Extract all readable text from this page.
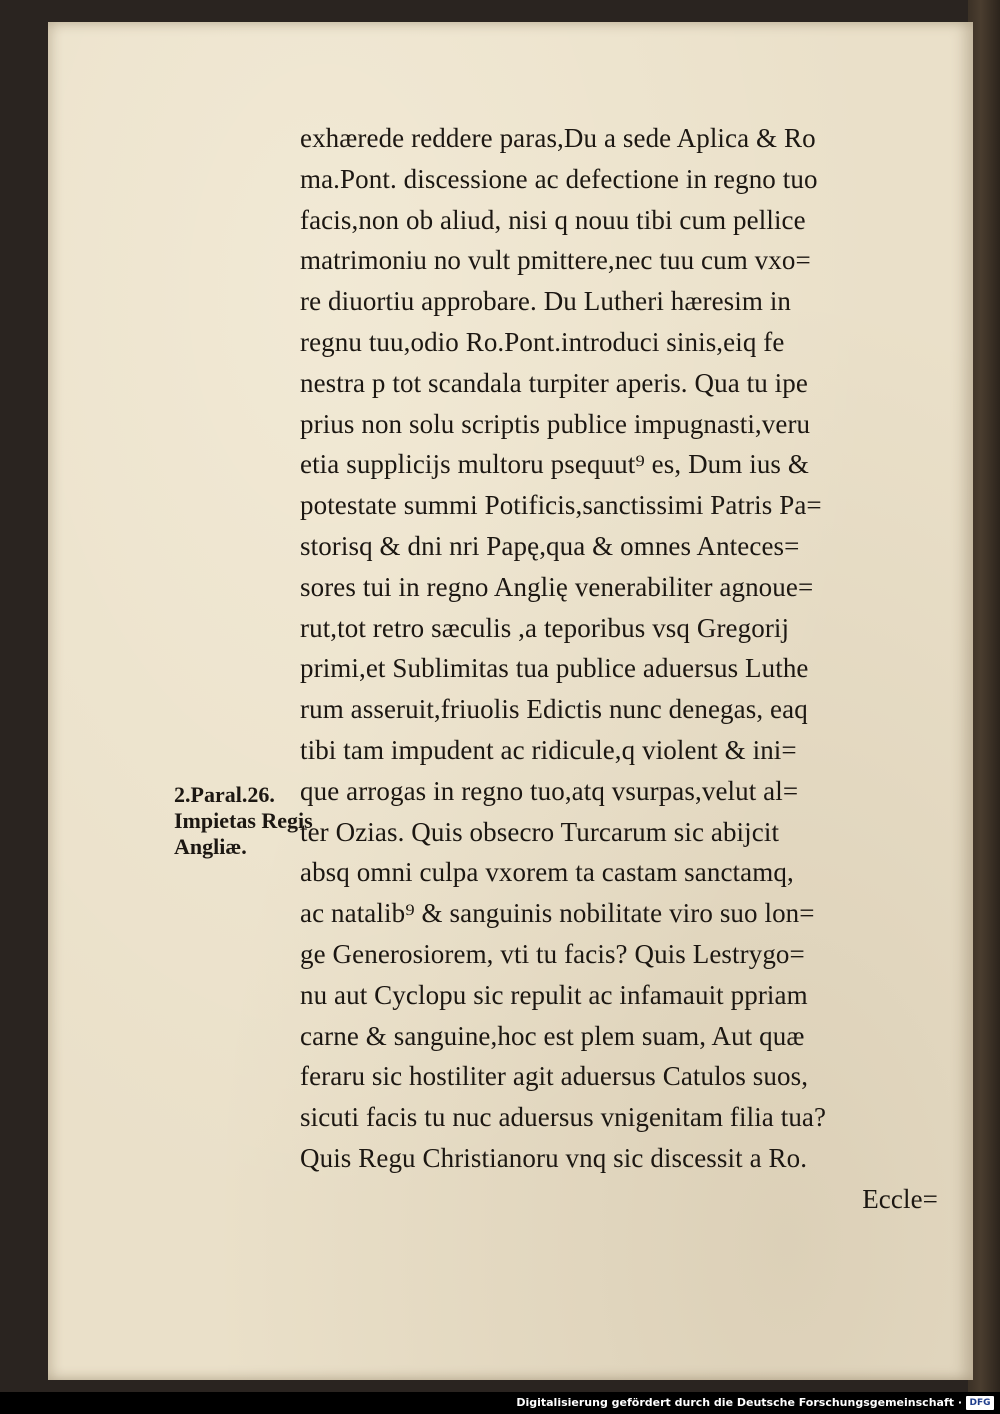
2.Paral.26.
Impietas Regis
Angliæ.
exhærede reddere paras,Du a sede Aplica & Ro
ma.Pont. discessione ac defectione in regno tuo
facis,non ob aliud, nisi q nouu tibi cum pellice
matrimoniu no vult pmittere,nec tuu cum vxo=
re diuortiu approbare. Du Lutheri hæresim in
regnu tuu,odio Ro.Pont.introduci sinis,eiq fe
nestra p tot scandala turpiter aperis. Qua tu ipe
prius non solu scriptis publice impugnasti,veru
etia supplicijs multoru psequut⁹ es, Dum ius &
potestate summi Potificis,sanctissimi Patris Pa=
storisq & dni nri Papę,qua & omnes Anteces=
sores tui in regno Anglię venerabiliter agnoue=
rut,tot retro sæculis ,a teporibus vsq Gregorij
primi,et Sublimitas tua publice aduersus Luthe
rum asseruit,friuolis Edictis nunc denegas, eaq
tibi tam impudent ac ridicule,q violent & ini=
que arrogas in regno tuo,atq vsurpas,velut al=
ter Ozias. Quis obsecro Turcarum sic abijcit
absq omni culpa vxorem ta castam sanctamq,
ac natalib⁹ & sanguinis nobilitate viro suo lon=
ge Generosiorem, vti tu facis? Quis Lestrygo=
nu aut Cyclopu sic repulit ac infamauit ppriam
carne & sanguine,hoc est plem suam, Aut quæ
feraru sic hostiliter agit aduersus Catulos suos,
sicuti facis tu nuc aduersus vnigenitam filia tua?
Quis Regu Christianoru vnq sic discessit a Ro.
Eccle=
Digitalisierung gefördert durch die Deutsche Forschungsgemeinschaft · DFG
